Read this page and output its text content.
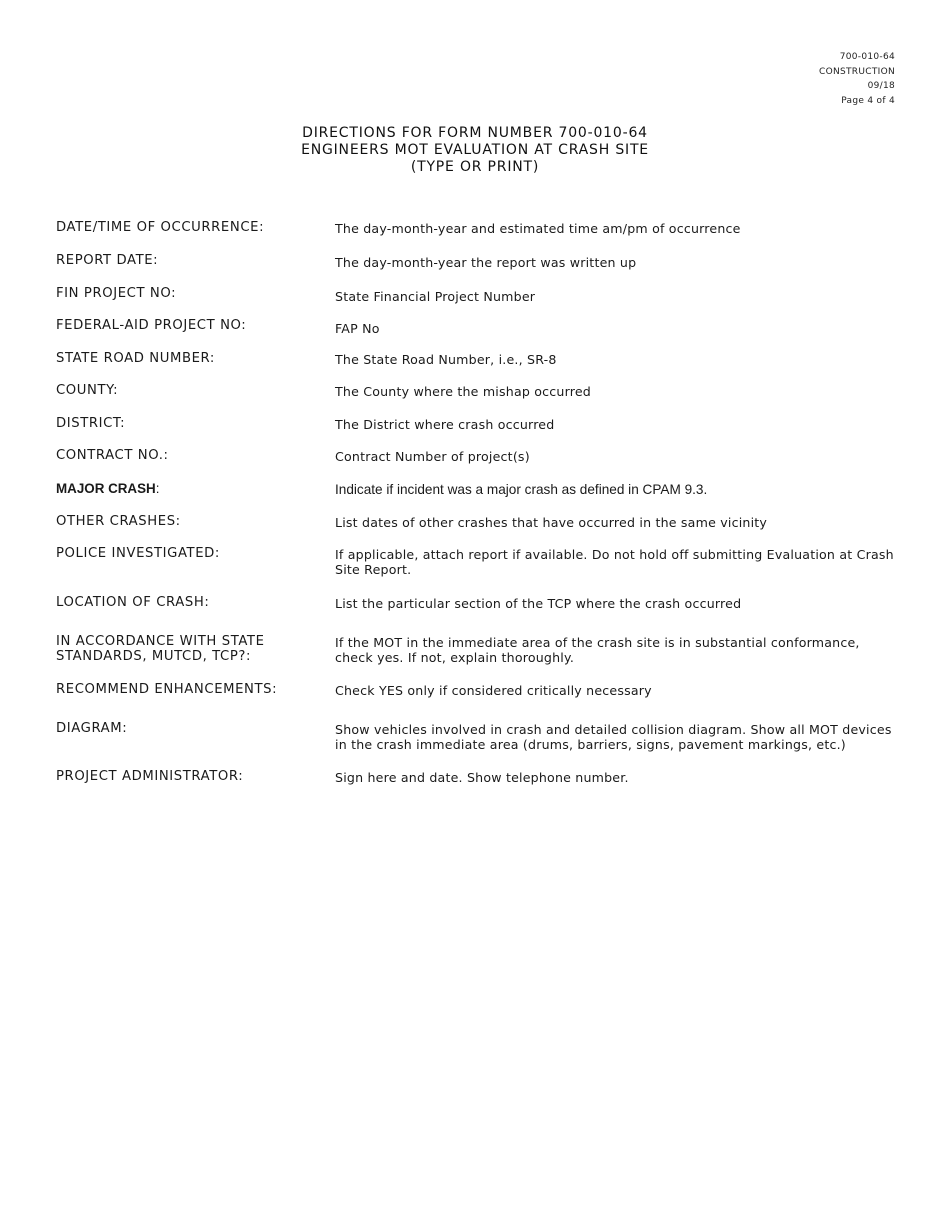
700-010-64
CONSTRUCTION
09/18
Page 4 of 4
DIRECTIONS FOR FORM NUMBER 700-010-64
ENGINEERS MOT EVALUATION AT CRASH SITE
(TYPE OR PRINT)
DATE/TIME OF OCCURRENCE:	The day-month-year and estimated time am/pm of occurrence
REPORT DATE:	The day-month-year the report was written up
FIN PROJECT NO:	State Financial Project Number
FEDERAL-AID PROJECT NO:	FAP No
STATE ROAD NUMBER:	The State Road Number, i.e., SR-8
COUNTY:	The County where the mishap occurred
DISTRICT:	The District where crash occurred
CONTRACT NO.:	Contract Number of project(s)
MAJOR CRASH:	Indicate if incident was a major crash as defined in CPAM 9.3.
OTHER CRASHES:	List dates of other crashes that have occurred in the same vicinity
POLICE INVESTIGATED:	If applicable, attach report if available. Do not hold off submitting Evaluation at Crash Site Report.
LOCATION OF CRASH:	List the particular section of the TCP where the crash occurred
IN ACCORDANCE WITH STATE STANDARDS, MUTCD, TCP?:
If the MOT in the immediate area of the crash site is in substantial conformance, check yes. If not, explain thoroughly.
RECOMMEND ENHANCEMENTS:	Check YES only if considered critically necessary
DIAGRAM:	Show vehicles involved in crash and detailed collision diagram. Show all MOT devices in the crash immediate area (drums, barriers, signs, pavement markings, etc.)
PROJECT ADMINISTRATOR:	Sign here and date. Show telephone number.
